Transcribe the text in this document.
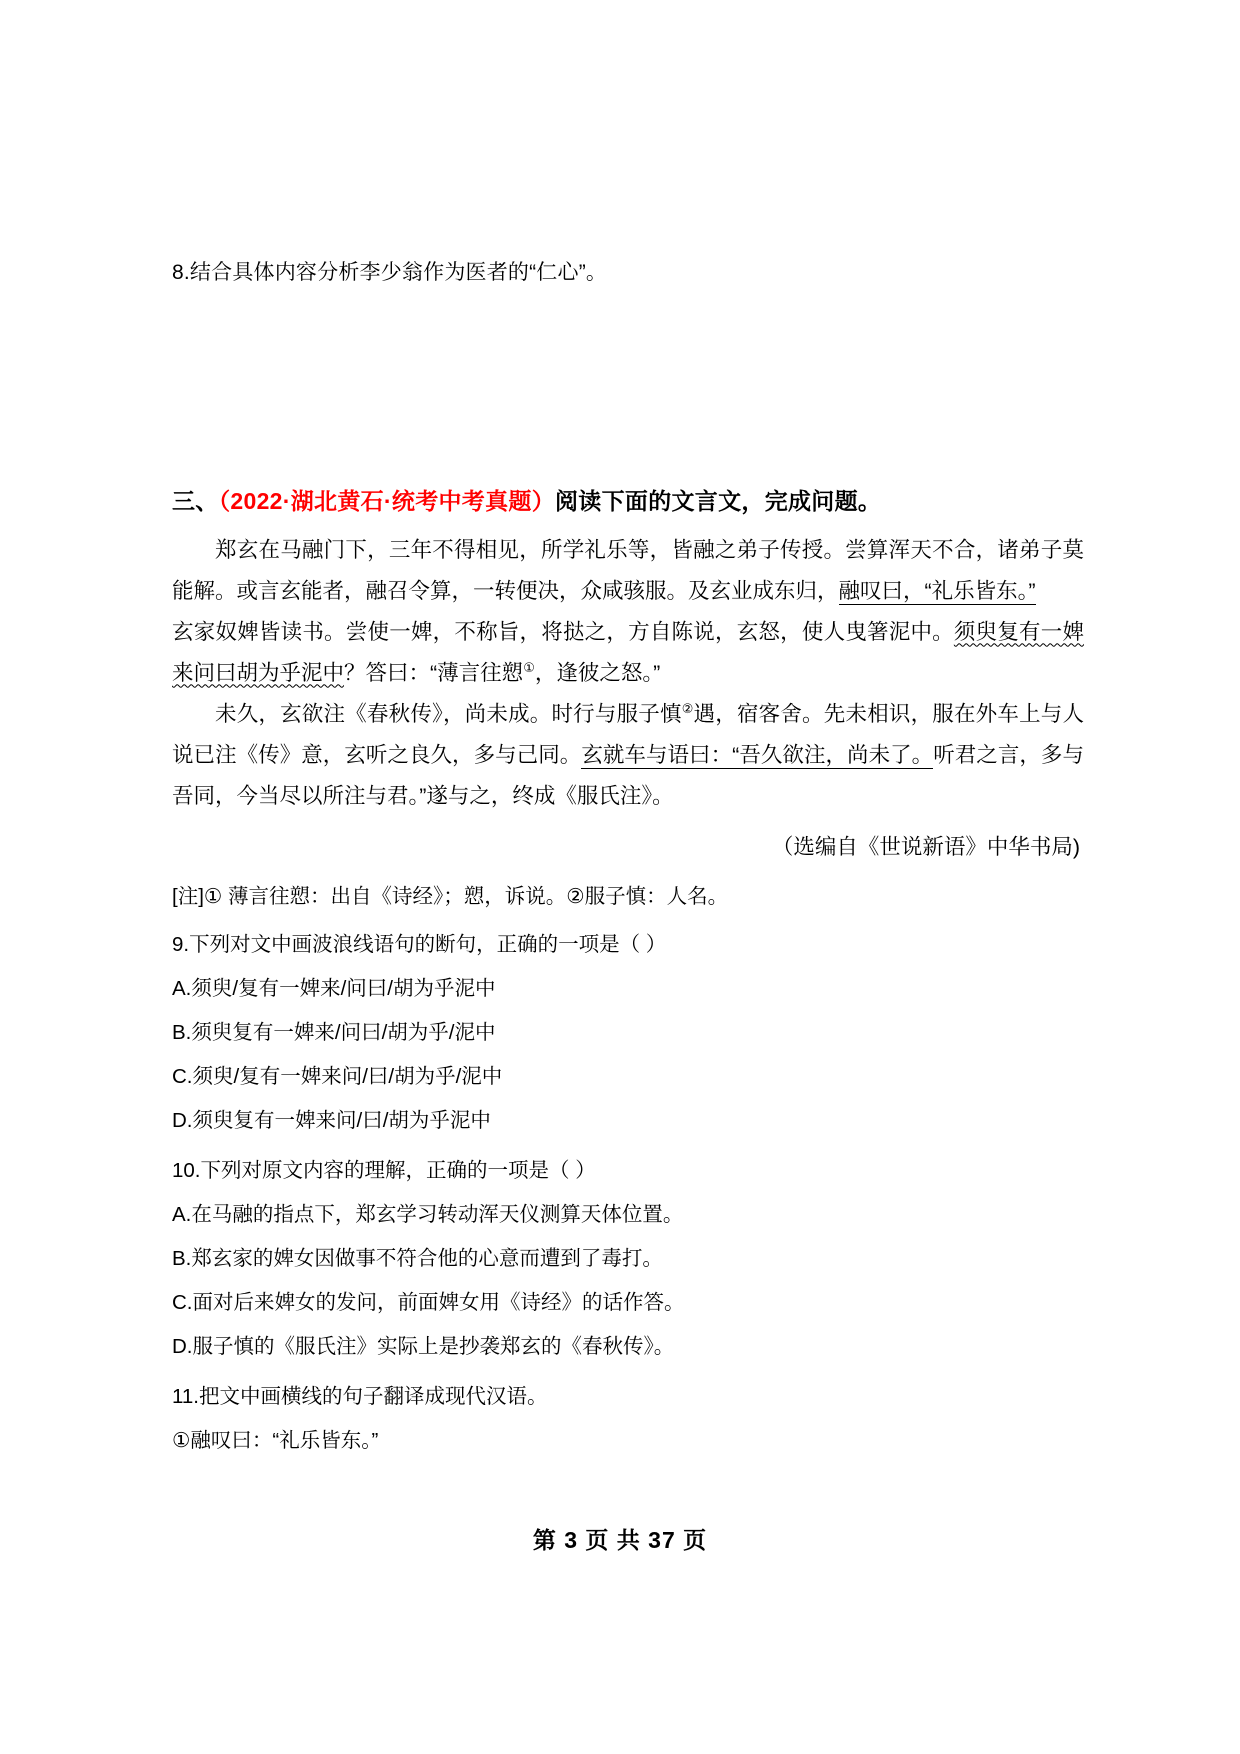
8.结合具体内容分析李少翁作为医者的“仁心”。
三、（2022·湖北黄石·统考中考真题）阅读下面的文言文，完成问题。

郑玄在马融门下，三年不得相见，所学礼乐等，皆融之弟子传授。尝算浑天不合，诸弟子莫能解。或言玄能者，融召令算，一转便决，众咸骇服。及玄业成东归，融叹曰，“礼乐皆东。”

玄家奴婢皆读书。尝使一婢，不称旨，将挞之，方自陈说，玄怒，使人曳箸泥中。须臾复有一婢来问曰胡为乎泥中？答曰：“薄言往愬①，逢彼之怒。”

未久，玄欲注《春秋传》，尚未成。时行与服子慎②遇，宿客舍。先未相识，服在外车上与人说已注《传》意，玄听之良久，多与己同。玄就车与语曰：“吾久欲注，尚未了。听君之言，多与吾同，今当尽以所注与君。”遂与之，终成《服氏注》。

（选编自《世说新语》中华书局)
[注]① 薄言往愬：出自《诗经》；愬，诉说。②服子慎：人名。
9.下列对文中画波浪线语句的断句，正确的一项是（ ）
A.须臾/复有一婢来/问曰/胡为乎泥中
B.须臾复有一婢来/问曰/胡为乎/泥中
C.须臾/复有一婢来问/曰/胡为乎/泥中
D.须臾复有一婢来问/曰/胡为乎泥中
10.下列对原文内容的理解，正确的一项是（ ）
A.在马融的指点下，郑玄学习转动浑天仪测算天体位置。
B.郑玄家的婢女因做事不符合他的心意而遭到了毒打。
C.面对后来婢女的发问，前面婢女用《诗经》的话作答。
D.服子慎的《服氏注》实际上是抄袭郑玄的《春秋传》。
11.把文中画横线的句子翻译成现代汉语。
①融叹曰：“礼乐皆东。”
第 3 页 共 37 页
